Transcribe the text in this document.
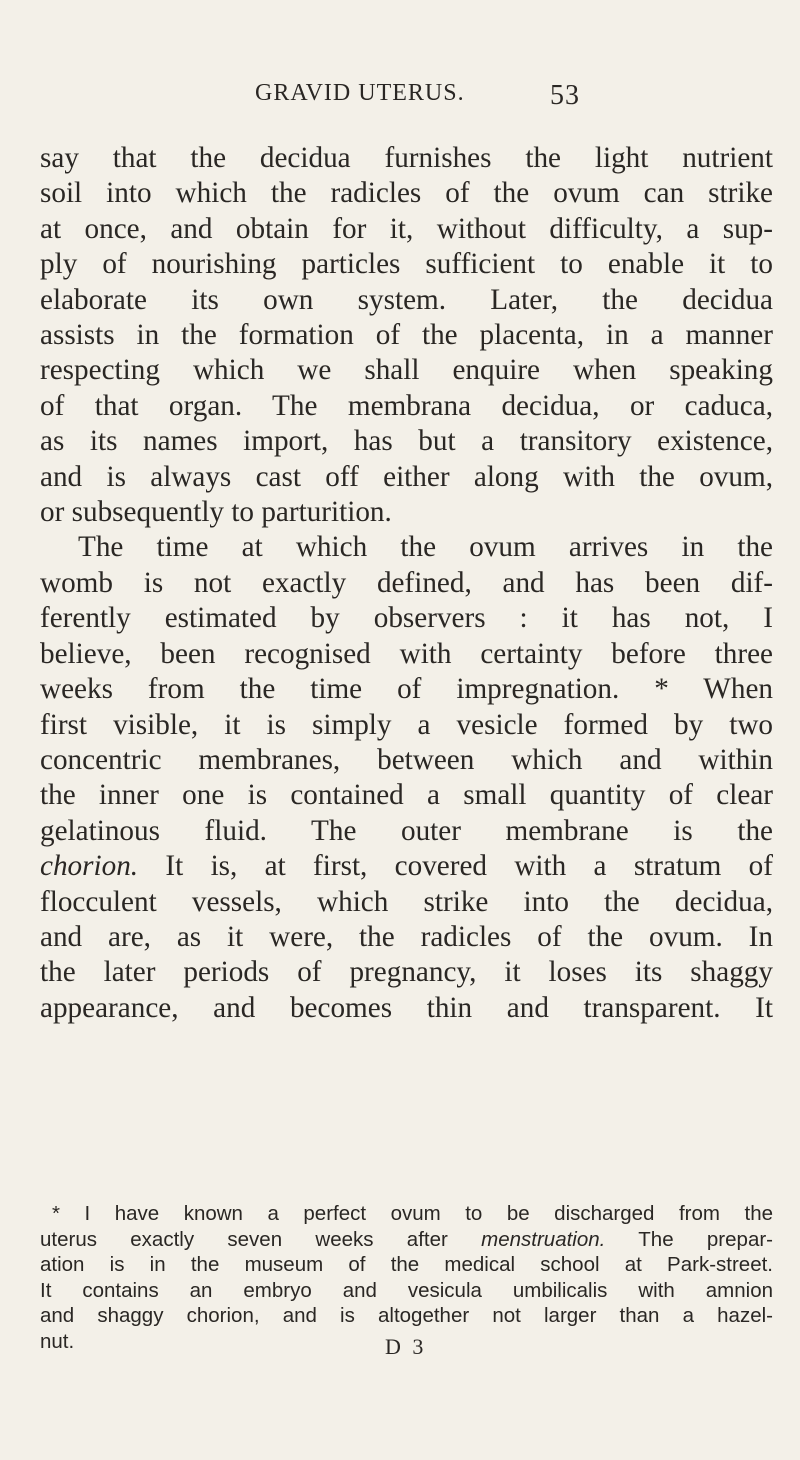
GRAVID UTERUS.	53

say that the decidua furnishes the light nutrient
soil into which the radicles of the ovum can strike
at once, and obtain for it, without difficulty, a sup-
ply of nourishing particles sufficient to enable it to
elaborate its own system. Later, the decidua
assists in the formation of the placenta, in a manner
respecting which we shall enquire when speaking
of that organ. The membrana decidua, or caduca,
as its names import, has but a transitory existence,
and is always cast off either along with the ovum,
or subsequently to parturition.

The time at which the ovum arrives in the
womb is not exactly defined, and has been dif-
ferently estimated by observers : it has not, I
believe, been recognised with certainty before three
weeks from the time of impregnation. * When
first visible, it is simply a vesicle formed by two
concentric membranes, between which and within
the inner one is contained a small quantity of clear
gelatinous fluid. The outer membrane is the
chorion. It is, at first, covered with a stratum of
flocculent vessels, which strike into the decidua,
and are, as it were, the radicles of the ovum. In
the later periods of pregnancy, it loses its shaggy
appearance, and becomes thin and transparent. It

* I have known a perfect ovum to be discharged from the
uterus exactly seven weeks after menstruation. The prepar-
ation is in the museum of the medical school at Park-street.
It contains an embryo and vesicula umbilicalis with amnion
and shaggy chorion, and is altogether not larger than a hazel-
nut.	D 3
